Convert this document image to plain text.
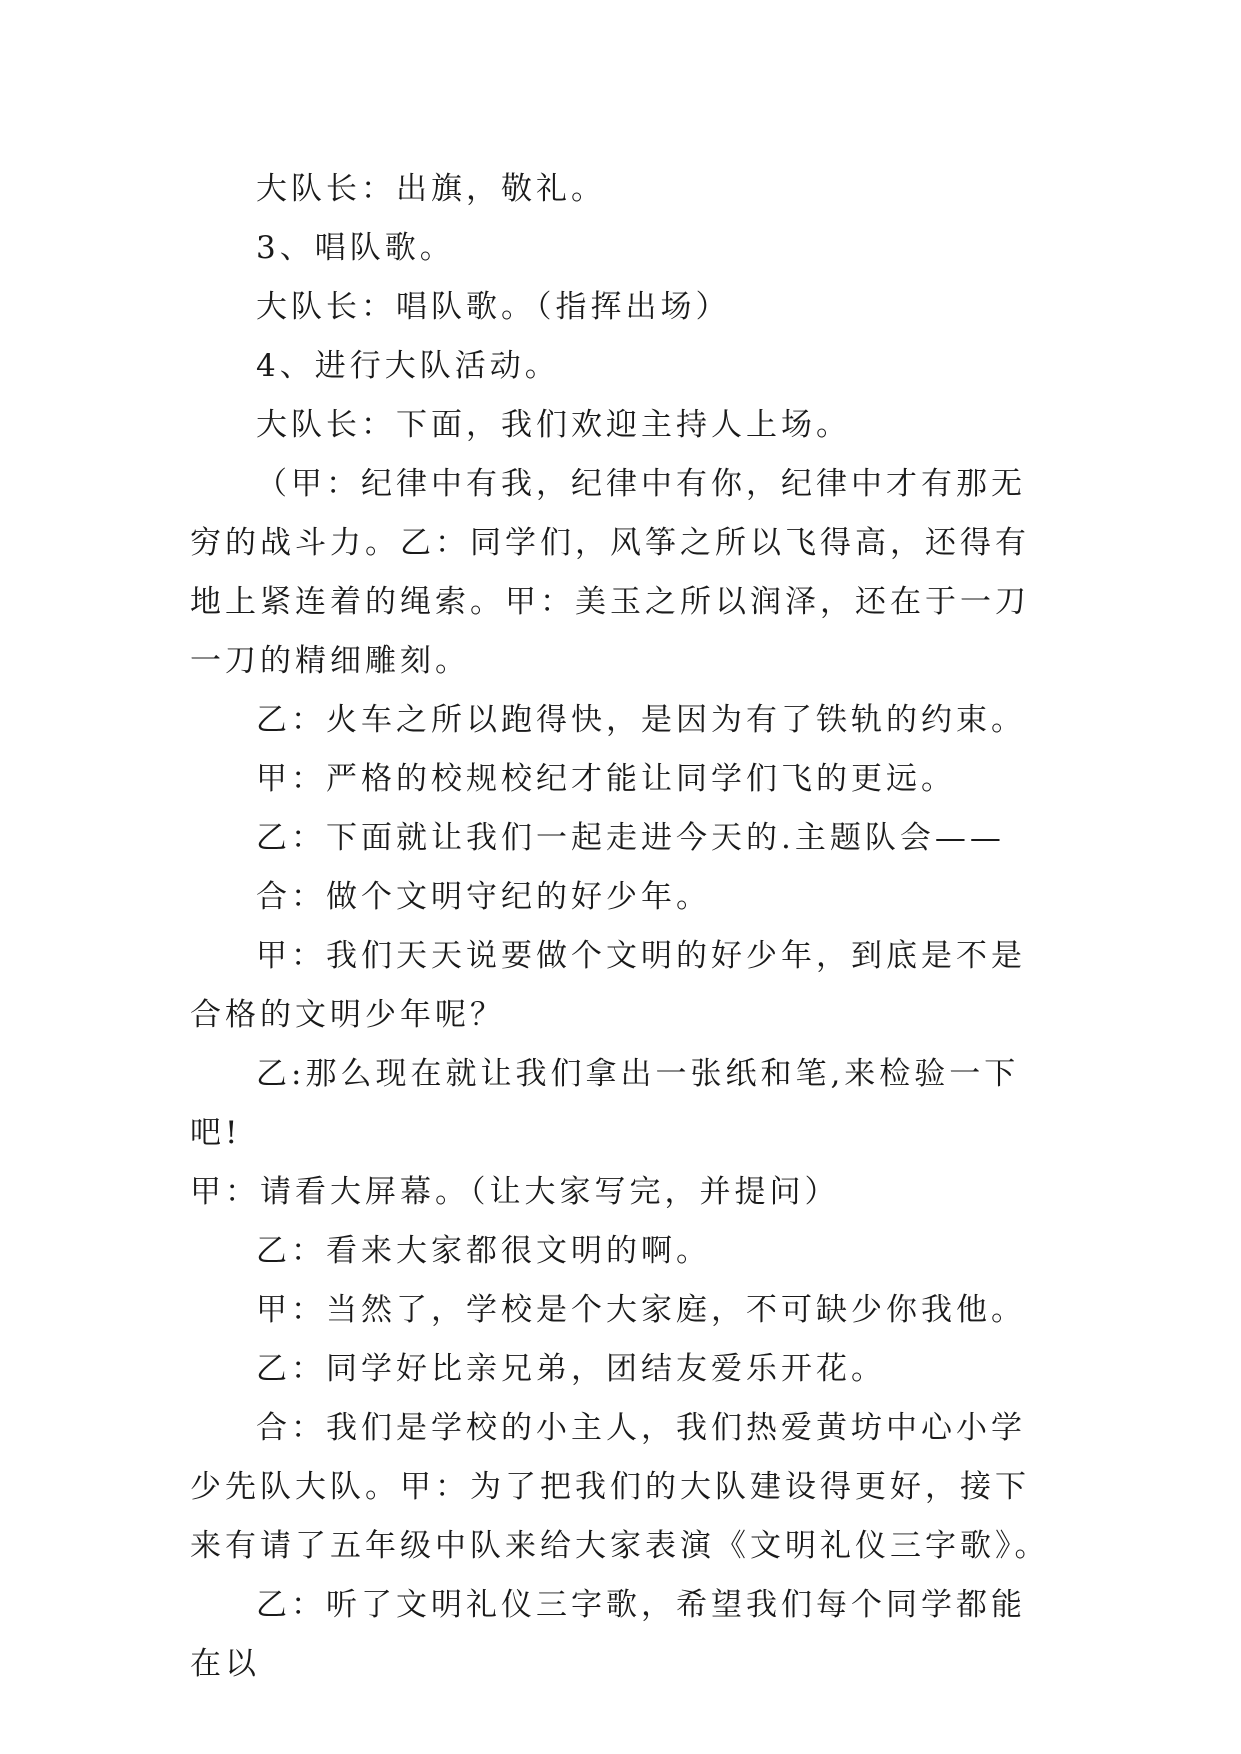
大队长：出旗，敬礼。

3、唱队歌。

大队长：唱队歌。（指挥出场）

4、进行大队活动。

大队长：下面，我们欢迎主持人上场。

（甲：纪律中有我，纪律中有你，纪律中才有那无穷的战斗力。乙：同学们，风筝之所以飞得高，还得有地上紧连着的绳索。甲：美玉之所以润泽，还在于一刀一刀的精细雕刻。

乙：火车之所以跑得快，是因为有了铁轨的约束。

甲：严格的校规校纪才能让同学们飞的更远。

乙：下面就让我们一起走进今天的.主题队会——

合：做个文明守纪的好少年。

甲：我们天天说要做个文明的好少年，到底是不是合格的文明少年呢？

乙:那么现在就让我们拿出一张纸和笔,来检验一下吧!

甲：请看大屏幕。（让大家写完，并提问）

乙：看来大家都很文明的啊。

甲：当然了，学校是个大家庭，不可缺少你我他。

乙：同学好比亲兄弟，团结友爱乐开花。

合：我们是学校的小主人，我们热爱黄坊中心小学少先队大队。甲：为了把我们的大队建设得更好，接下来有请了五年级中队来给大家表演《文明礼仪三字歌》。

乙：听了文明礼仪三字歌，希望我们每个同学都能在以
